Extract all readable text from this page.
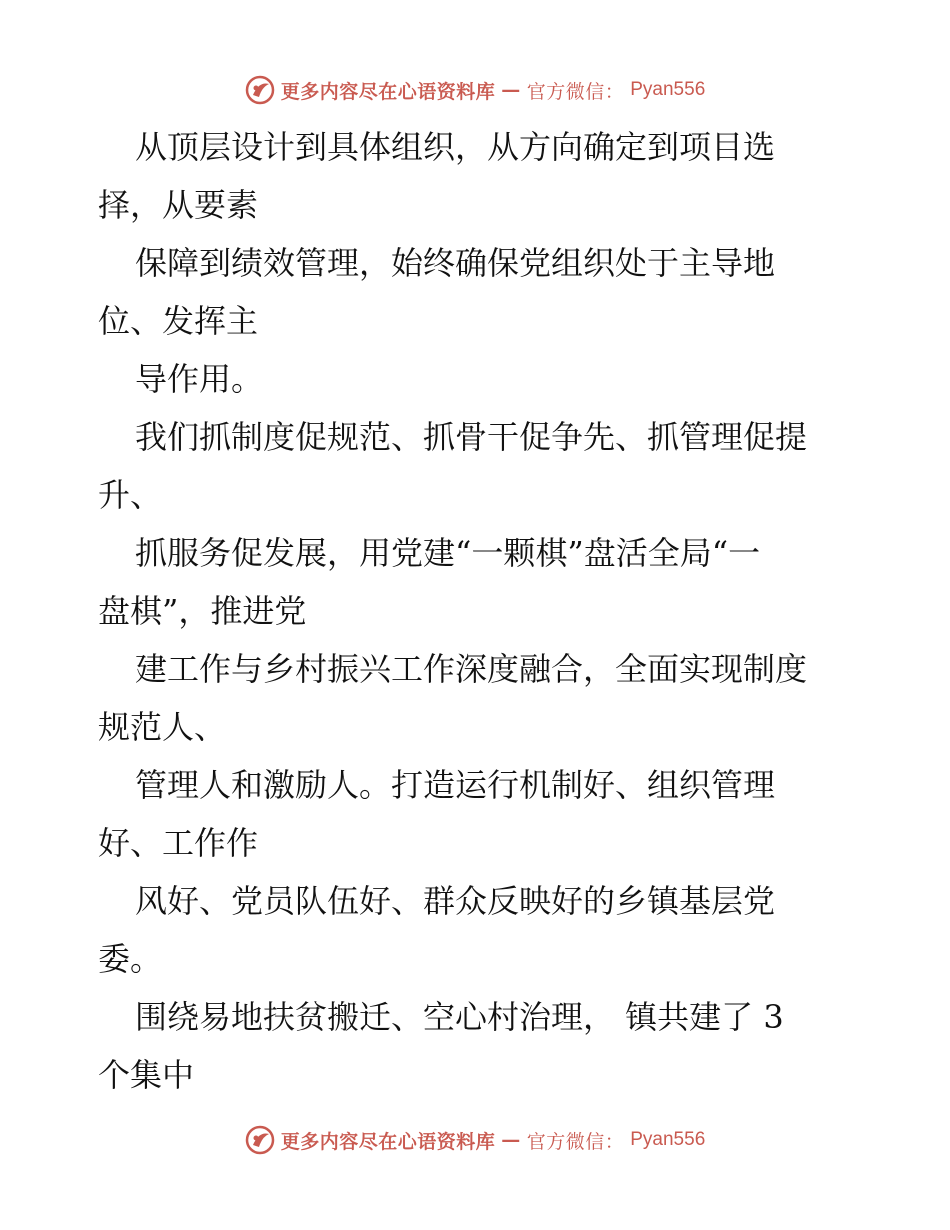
更多内容尽在心语资料库 — 官方微信： Pyan556
从顶层设计到具体组织，从方向确定到项目选
择，从要素
保障到绩效管理，始终确保党组织处于主导地
位、发挥主
导作用。
我们抓制度促规范、抓骨干促争先、抓管理促提
升、
抓服务促发展，用党建“一颗棋”盘活全局“一
盘棋”，推进党
建工作与乡村振兴工作深度融合，全面实现制度
规范人、
管理人和激励人。打造运行机制好、组织管理
好、工作作
风好、党员队伍好、群众反映好的乡镇基层党
委。
围绕易地扶贫搬迁、空心村治理， 镇共建了 3
个集中
更多内容尽在心语资料库 — 官方微信： Pyan556
